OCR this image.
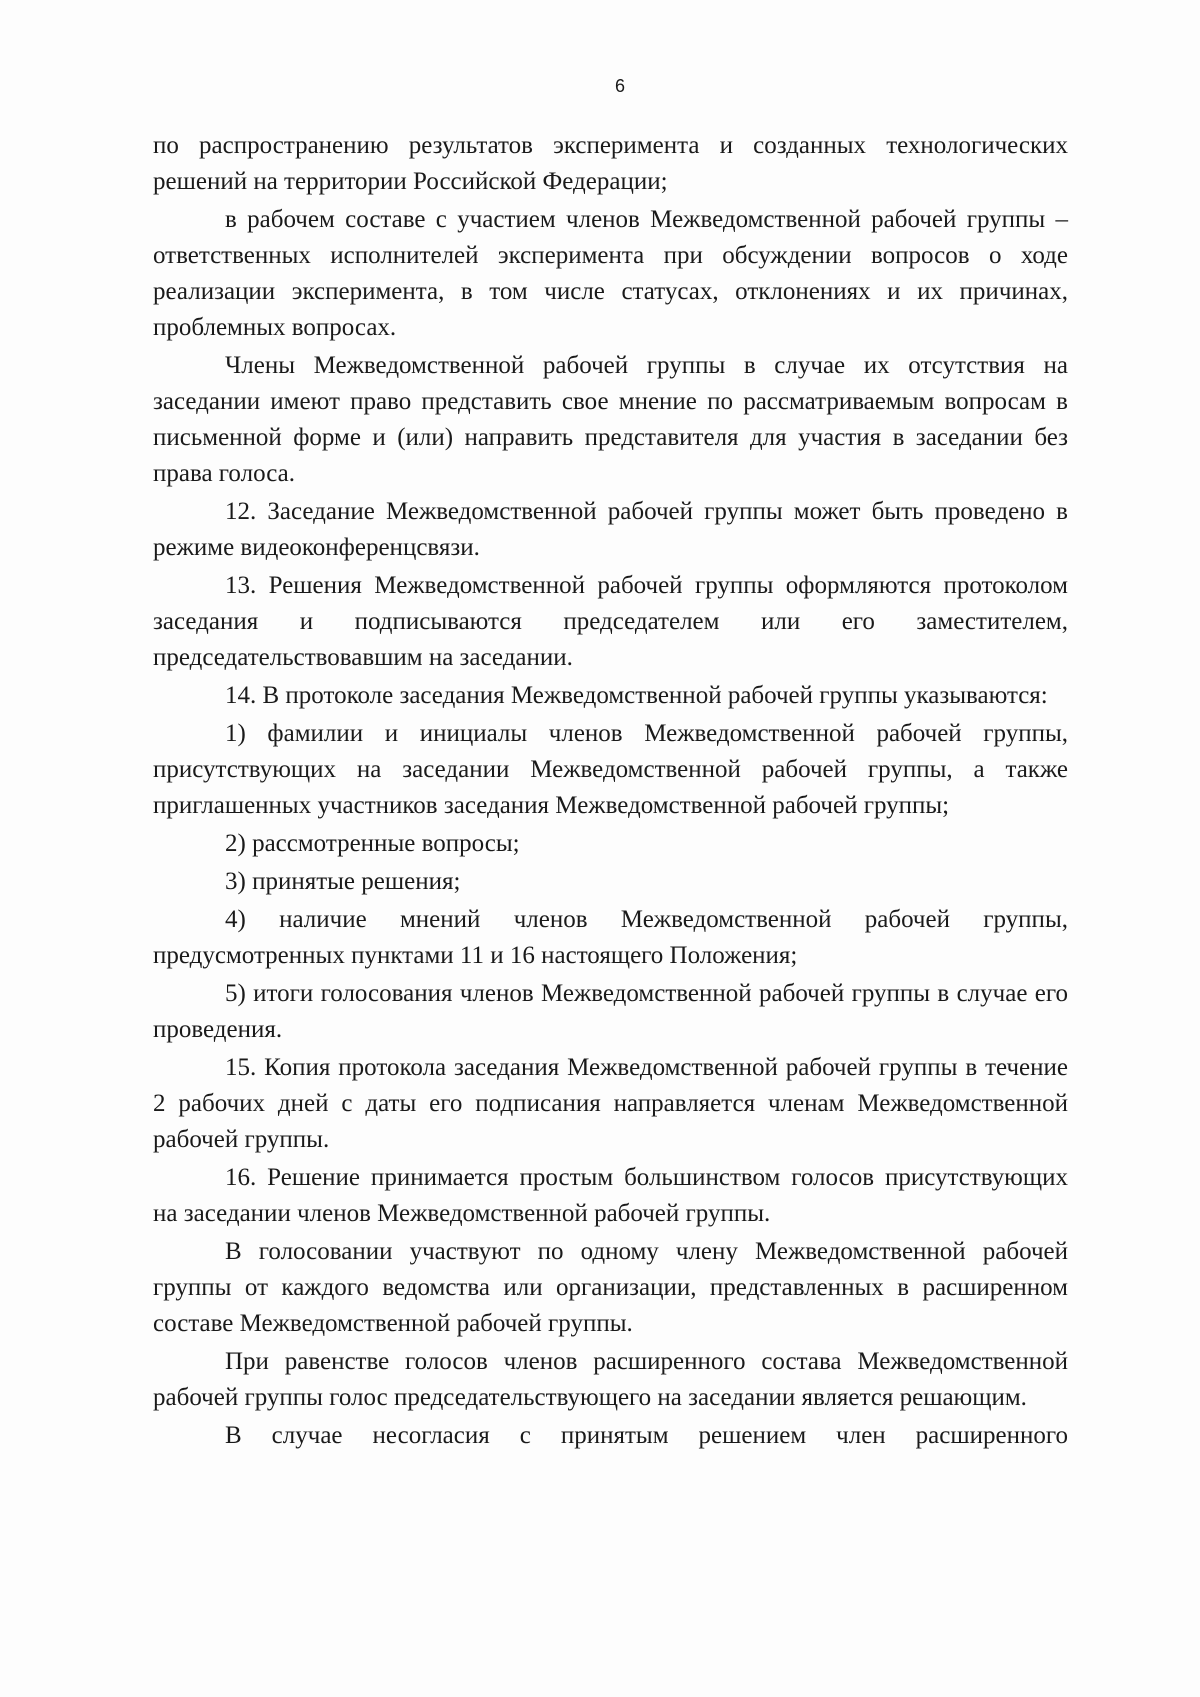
6

по распространению результатов эксперимента и созданных технологических решений на территории Российской Федерации;

в рабочем составе с участием членов Межведомственной рабочей группы – ответственных исполнителей эксперимента при обсуждении вопросов о ходе реализации эксперимента, в том числе статусах, отклонениях и их причинах, проблемных вопросах.

Члены Межведомственной рабочей группы в случае их отсутствия на заседании имеют право представить свое мнение по рассматриваемым вопросам в письменной форме и (или) направить представителя для участия в заседании без права голоса.

12. Заседание Межведомственной рабочей группы может быть проведено в режиме видеоконференцсвязи.

13. Решения Межведомственной рабочей группы оформляются протоколом заседания и подписываются председателем или его заместителем, председательствовавшим на заседании.

14. В протоколе заседания Межведомственной рабочей группы указываются:

1) фамилии и инициалы членов Межведомственной рабочей группы, присутствующих на заседании Межведомственной рабочей группы, а также приглашенных участников заседания Межведомственной рабочей группы;

2) рассмотренные вопросы;

3) принятые решения;

4) наличие мнений членов Межведомственной рабочей группы, предусмотренных пунктами 11 и 16 настоящего Положения;

5) итоги голосования членов Межведомственной рабочей группы в случае его проведения.

15. Копия протокола заседания Межведомственной рабочей группы в течение 2 рабочих дней с даты его подписания направляется членам Межведомственной рабочей группы.

16. Решение принимается простым большинством голосов присутствующих на заседании членов Межведомственной рабочей группы.

В голосовании участвуют по одному члену Межведомственной рабочей группы от каждого ведомства или организации, представленных в расширенном составе Межведомственной рабочей группы.

При равенстве голосов членов расширенного состава Межведомственной рабочей группы голос председательствующего на заседании является решающим.

В случае несогласия с принятым решением член расширенного
